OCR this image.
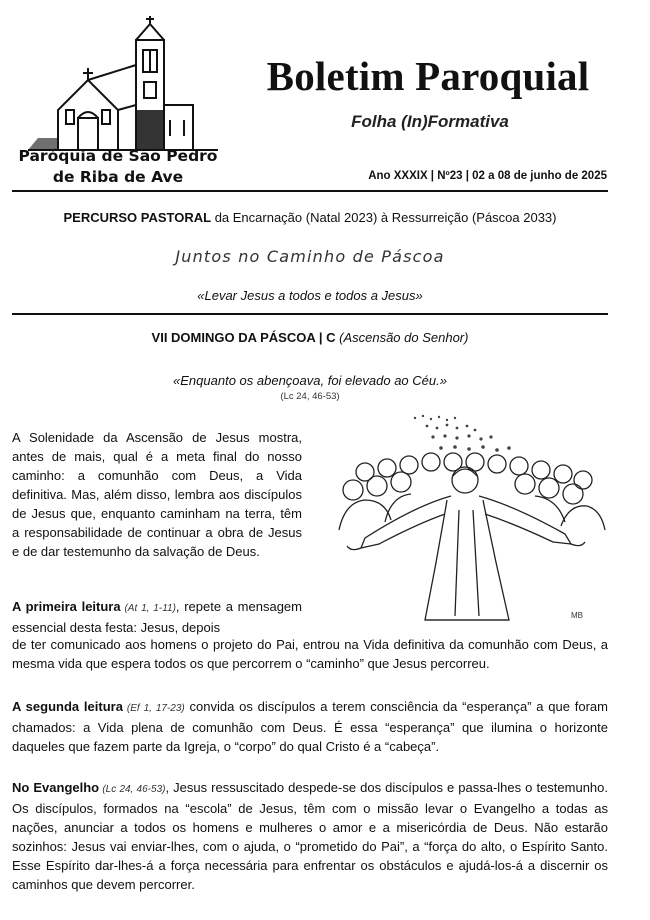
Paróquia de São Pedro
de Riba de Ave
Boletim Paroquial
Folha (In)Formativa
Ano XXXIX | Nº23 | 02 a 08 de junho de 2025
PERCURSO PASTORAL da Encarnação (Natal 2023) à Ressurreição (Páscoa 2033)
Juntos no Caminho de Páscoa
«Levar Jesus a todos e todos a Jesus»
VII DOMINGO DA PÁSCOA | C (Ascensão do Senhor)
«Enquanto os abençoava, foi elevado ao Céu.»
(Lc 24, 46-53)

A Solenidade da Ascensão de Jesus mostra, antes de mais, qual é a meta final do nosso caminho: a comunhão com Deus, a Vida definitiva. Mas, além disso, lembra aos discípulos de Jesus que, enquanto caminham na terra, têm a responsabilidade de continuar a obra de Jesus e de dar testemunho da salvação de Deus.

A primeira leitura (At 1, 1-11), repete a mensagem essencial desta festa: Jesus, depois

de ter comunicado aos homens o projeto do Pai, entrou na Vida definitiva da comunhão com Deus, a mesma vida que espera todos os que percorrem o “caminho” que Jesus percorreu.

A segunda leitura (Ef 1, 17-23) convida os discípulos a terem consciência da “esperança” a que foram chamados: a Vida plena de comunhão com Deus. É essa “esperança” que ilumina o horizonte daqueles que fazem parte da Igreja, o “corpo” do qual Cristo é a “cabeça”.

No Evangelho (Lc 24, 46-53), Jesus ressuscitado despede-se dos discípulos e passa-lhes o testemunho. Os discípulos, formados na “escola” de Jesus, têm com o missão levar o Evangelho a todas as nações, anunciar a todos os homens e mulheres o amor e a misericórdia de Deus. Não estarão sozinhos: Jesus vai enviar-lhes, com o ajuda, o “prometido do Pai”, a “força do alto, o Espírito Santo. Esse Espírito dar-lhes-á a força necessária para enfrentar os obstáculos e ajudá-los-á a discernir os caminhos que devem percorrer.

MB
